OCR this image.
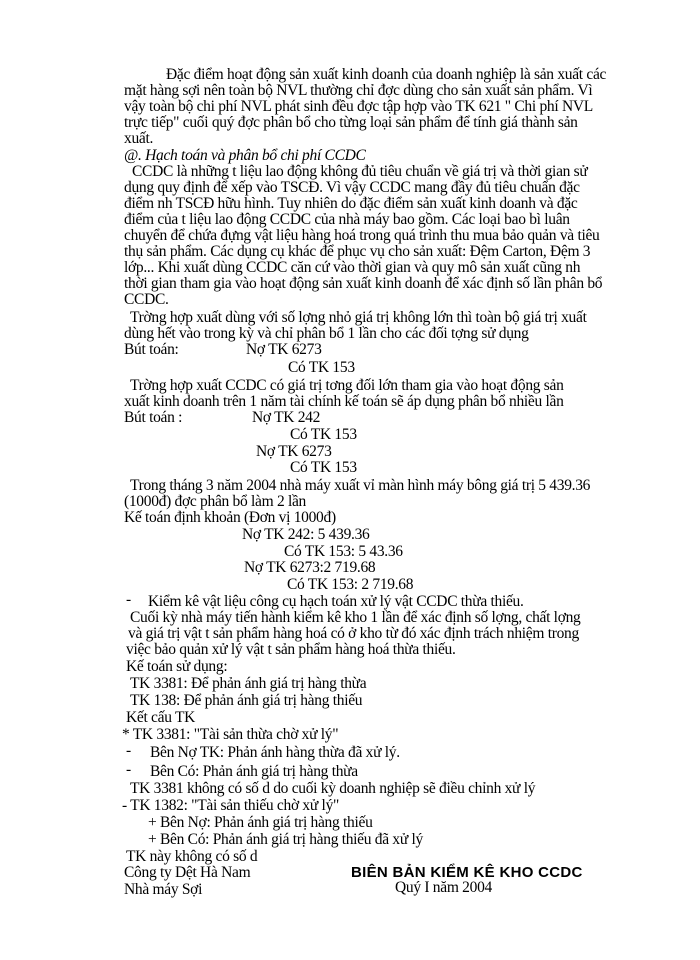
Đặc điểm hoạt động sản xuất kinh doanh của doanh nghiệp là sản xuất các
mặt hàng sợi nên toàn bộ NVL thường chỉ đợc dùng cho sản xuất sản phẩm. Vì
vậy toàn bộ chi phí NVL phát sinh đều đợc tập hợp vào TK 621 " Chi phí NVL
trực tiếp" cuối quý đợc phân bổ cho từng loại sản phẩm để tính giá thành sản
xuất.
@. Hạch toán và phân bổ chi phí CCDC
CCDC là những t liệu lao động không đủ tiêu chuẩn về giá trị và thời gian sử
dụng quy định để xếp vào TSCĐ. Vì vậy CCDC mang đầy đủ tiêu chuẩn đặc
điểm nh TSCĐ hữu hình. Tuy nhiên do đặc điểm sản xuất kinh doanh và đặc
điểm của t liệu lao động CCDC của nhà máy bao gồm. Các loại bao bì luân
chuyển để chứa đựng vật liệu hàng hoá trong quá trình thu mua bảo quản và tiêu
thụ sản phẩm. Các dụng cụ khác để phục vụ cho sản xuất: Đệm Carton, Đệm 3
lớp... Khi xuất dùng CCDC căn cứ vào thời gian và quy mô sản xuất cũng nh
thời gian tham gia vào hoạt động sản xuất kinh doanh để xác định số lần phân bổ
CCDC.
Trờng hợp xuất dùng với số lợng nhỏ giá trị không lớn thì toàn bộ giá trị xuất
dùng hết vào trong kỳ và chỉ phân bổ 1 lần cho các đối tợng sử dụng
Bút toán:	Nợ TK 6273
Có TK 153
Trờng hợp xuất CCDC có giá trị tơng đối lớn tham gia vào hoạt động sản
xuất kinh doanh trên 1 năm tài chính kế toán sẽ áp dụng phân bổ nhiều lần
Bút toán :	Nợ TK 242
Có TK 153
Nợ TK 6273
Có TK 153
Trong tháng 3 năm 2004 nhà máy xuất vỉ màn hình máy bông giá trị 5 439.36
(1000đ) đợc phân bổ làm 2 lần
Kế toán định khoản (Đơn vị 1000đ)
Nợ TK 242: 5 439.36
Có TK 153: 5 43.36
Nợ TK 6273:2 719.68
Có TK 153: 2 719.68
- Kiểm kê vật liệu công cụ hạch toán xử lý vật CCDC thừa thiếu.
Cuối kỳ nhà máy tiến hành kiểm kê kho 1 lần để xác định số lợng, chất lợng
và giá trị vật t sản phẩm hàng hoá có ở kho từ đó xác định trách nhiệm trong
việc bảo quản xử lý vật t sản phẩm hàng hoá thừa thiếu.
Kế toán sử dụng:
TK 3381: Để phản ánh giá trị hàng thừa
TK 138: Để phản ánh giá trị hàng thiếu
Kết cấu TK
* TK 3381: "Tài sản thừa chờ xử lý"
- Bên Nợ TK: Phản ánh hàng thừa đã xử lý.
- Bên Có: Phản ánh giá trị hàng thừa
TK 3381 không có số d do cuối kỳ doanh nghiệp sẽ điều chỉnh xử lý
- TK 1382: "Tài sản thiếu chờ xử lý"
+ Bên Nợ: Phản ánh giá trị hàng thiếu
+ Bên Có: Phản ánh giá trị hàng thiếu đã xử lý
TK này không có số d
Công ty Dệt Hà Nam
Nhà máy Sợi
BIÊN BẢN KIỂM KÊ KHO CCDC
Quý I năm 2004
